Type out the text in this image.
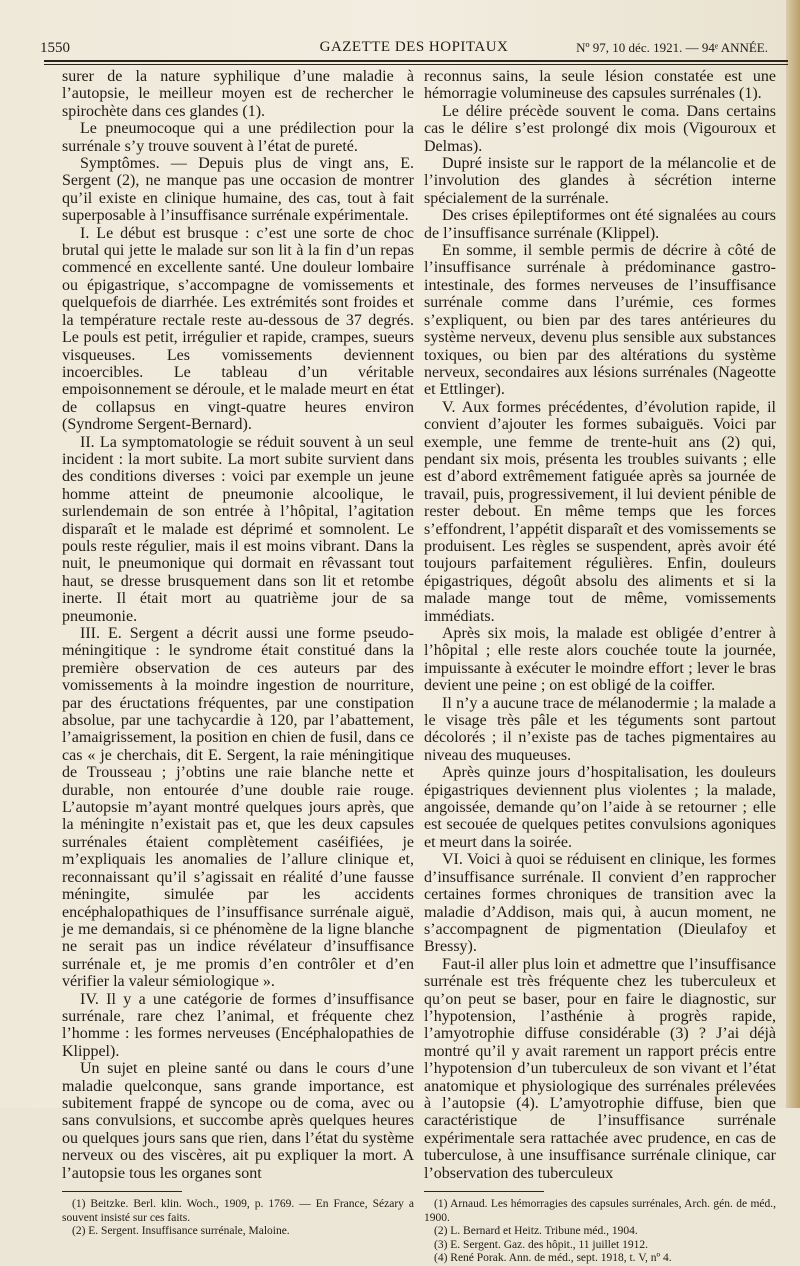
1550	GAZETTE DES HOPITAUX	Nº 97, 10 déc. 1921. — 94ᵉ ANNÉE.

surer de la nature syphilique d’une maladie à l’autopsie, le meilleur moyen est de rechercher le spirochète dans ces glandes (1).

Le pneumocoque qui a une prédilection pour la surrénale s’y trouve souvent à l’état de pureté.

Symptômes. — Depuis plus de vingt ans, E. Sergent (2), ne manque pas une occasion de montrer qu’il existe en clinique humaine, des cas, tout à fait superposable à l’insuffisance surrénale expérimentale.

I. Le début est brusque : c’est une sorte de choc brutal qui jette le malade sur son lit à la fin d’un repas commencé en excellente santé. Une douleur lombaire ou épigastrique, s’accompagne de vomissements et quelquefois de diarrhée. Les extrémités sont froides et la température rectale reste au-dessous de 37 degrés. Le pouls est petit, irrégulier et rapide, crampes, sueurs visqueuses. Les vomissements deviennent incoercibles. Le tableau d’un véritable empoisonnement se déroule, et le malade meurt en état de collapsus en vingt-quatre heures environ (Syndrome Sergent-Bernard).

II. La symptomatologie se réduit souvent à un seul incident : la mort subite. La mort subite survient dans des conditions diverses : voici par exemple un jeune homme atteint de pneumonie alcoolique, le surlendemain de son entrée à l’hôpital, l’agitation disparaît et le malade est déprimé et somnolent. Le pouls reste régulier, mais il est moins vibrant. Dans la nuit, le pneumonique qui dormait en rêvassant tout haut, se dresse brusquement dans son lit et retombe inerte. Il était mort au quatrième jour de sa pneumonie.

III. E. Sergent a décrit aussi une forme pseudo-méningitique : le syndrome était constitué dans la première observation de ces auteurs par des vomissements à la moindre ingestion de nourriture, par des éructations fréquentes, par une constipation absolue, par une tachycardie à 120, par l’abattement, l’amaigrissement, la position en chien de fusil, dans ce cas « je cherchais, dit E. Sergent, la raie méningitique de Trousseau ; j’obtins une raie blanche nette et durable, non entourée d’une double raie rouge. L’autopsie m’ayant montré quelques jours après, que la méningite n’existait pas et, que les deux capsules surrénales étaient complètement caséifiées, je m’expliquais les anomalies de l’allure clinique et, reconnaissant qu’il s’agissait en réalité d’une fausse méningite, simulée par les accidents encéphalopathiques de l’insuffisance surrénale aiguë, je me demandais, si ce phénomène de la ligne blanche ne serait pas un indice révélateur d’insuffisance surrénale et, je me promis d’en contrôler et d’en vérifier la valeur sémiologique ».

IV. Il y a une catégorie de formes d’insuffisance surrénale, rare chez l’animal, et fréquente chez l’homme : les formes nerveuses (Encéphalopathies de Klippel).

Un sujet en pleine santé ou dans le cours d’une maladie quelconque, sans grande importance, est subitement frappé de syncope ou de coma, avec ou sans convulsions, et succombe après quelques heures ou quelques jours sans que rien, dans l’état du système nerveux ou des viscères, ait pu expliquer la mort. A l’autopsie tous les organes sont

(1) Beitzke. Berl. klin. Woch., 1909, p. 1769. — En France, Sézary a souvent insisté sur ces faits.

(2) E. Sergent. Insuffisance surrénale, Maloine.

reconnus sains, la seule lésion constatée est une hémorragie volumineuse des capsules surrénales (1).

Le délire précède souvent le coma. Dans certains cas le délire s’est prolongé dix mois (Vigouroux et Delmas).

Dupré insiste sur le rapport de la mélancolie et de l’involution des glandes à sécrétion interne spécialement de la surrénale.

Des crises épileptiformes ont été signalées au cours de l’insuffisance surrénale (Klippel).

En somme, il semble permis de décrire à côté de l’insuffisance surrénale à prédominance gastro-intestinale, des formes nerveuses de l’insuffisance surrénale comme dans l’urémie, ces formes s’expliquent, ou bien par des tares antérieures du système nerveux, devenu plus sensible aux substances toxiques, ou bien par des altérations du système nerveux, secondaires aux lésions surrénales (Nageotte et Ettlinger).

V. Aux formes précédentes, d’évolution rapide, il convient d’ajouter les formes subaiguës. Voici par exemple, une femme de trente-huit ans (2) qui, pendant six mois, présenta les troubles suivants ; elle est d’abord extrêmement fatiguée après sa journée de travail, puis, progressivement, il lui devient pénible de rester debout. En même temps que les forces s’effondrent, l’appétit disparaît et des vomissements se produisent. Les règles se suspendent, après avoir été toujours parfaitement régulières. Enfin, douleurs épigastriques, dégoût absolu des aliments et si la malade mange tout de même, vomissements immédiats.

Après six mois, la malade est obligée d’entrer à l’hôpital ; elle reste alors couchée toute la journée, impuissante à exécuter le moindre effort ; lever le bras devient une peine ; on est obligé de la coiffer.

Il n’y a aucune trace de mélanodermie ; la malade a le visage très pâle et les téguments sont partout décolorés ; il n’existe pas de taches pigmentaires au niveau des muqueuses.

Après quinze jours d’hospitalisation, les douleurs épigastriques deviennent plus violentes ; la malade, angoissée, demande qu’on l’aide à se retourner ; elle est secouée de quelques petites convulsions agoniques et meurt dans la soirée.

VI. Voici à quoi se réduisent en clinique, les formes d’insuffisance surrénale. Il convient d’en rapprocher certaines formes chroniques de transition avec la maladie d’Addison, mais qui, à aucun moment, ne s’accompagnent de pigmentation (Dieulafoy et Bressy).

Faut-il aller plus loin et admettre que l’insuffisance surrénale est très fréquente chez les tuberculeux et qu’on peut se baser, pour en faire le diagnostic, sur l’hypotension, l’asthénie à progrès rapide, l’amyotrophie diffuse considérable (3) ? J’ai déjà montré qu’il y avait rarement un rapport précis entre l’hypotension d’un tuberculeux de son vivant et l’état anatomique et physiologique des surrénales prélevées à l’autopsie (4). L’amyotrophie diffuse, bien que caractéristique de l’insuffisance surrénale expérimentale sera rattachée avec prudence, en cas de tuberculose, à une insuffisance surrénale clinique, car l’observation des tuberculeux

(1) Arnaud. Les hémorragies des capsules surrénales, Arch. gén. de méd., 1900.

(2) L. Bernard et Heitz. Tribune méd., 1904.

(3) E. Sergent. Gaz. des hôpit., 11 juillet 1912.

(4) René Porak. Ann. de méd., sept. 1918, t. V, nº 4.
